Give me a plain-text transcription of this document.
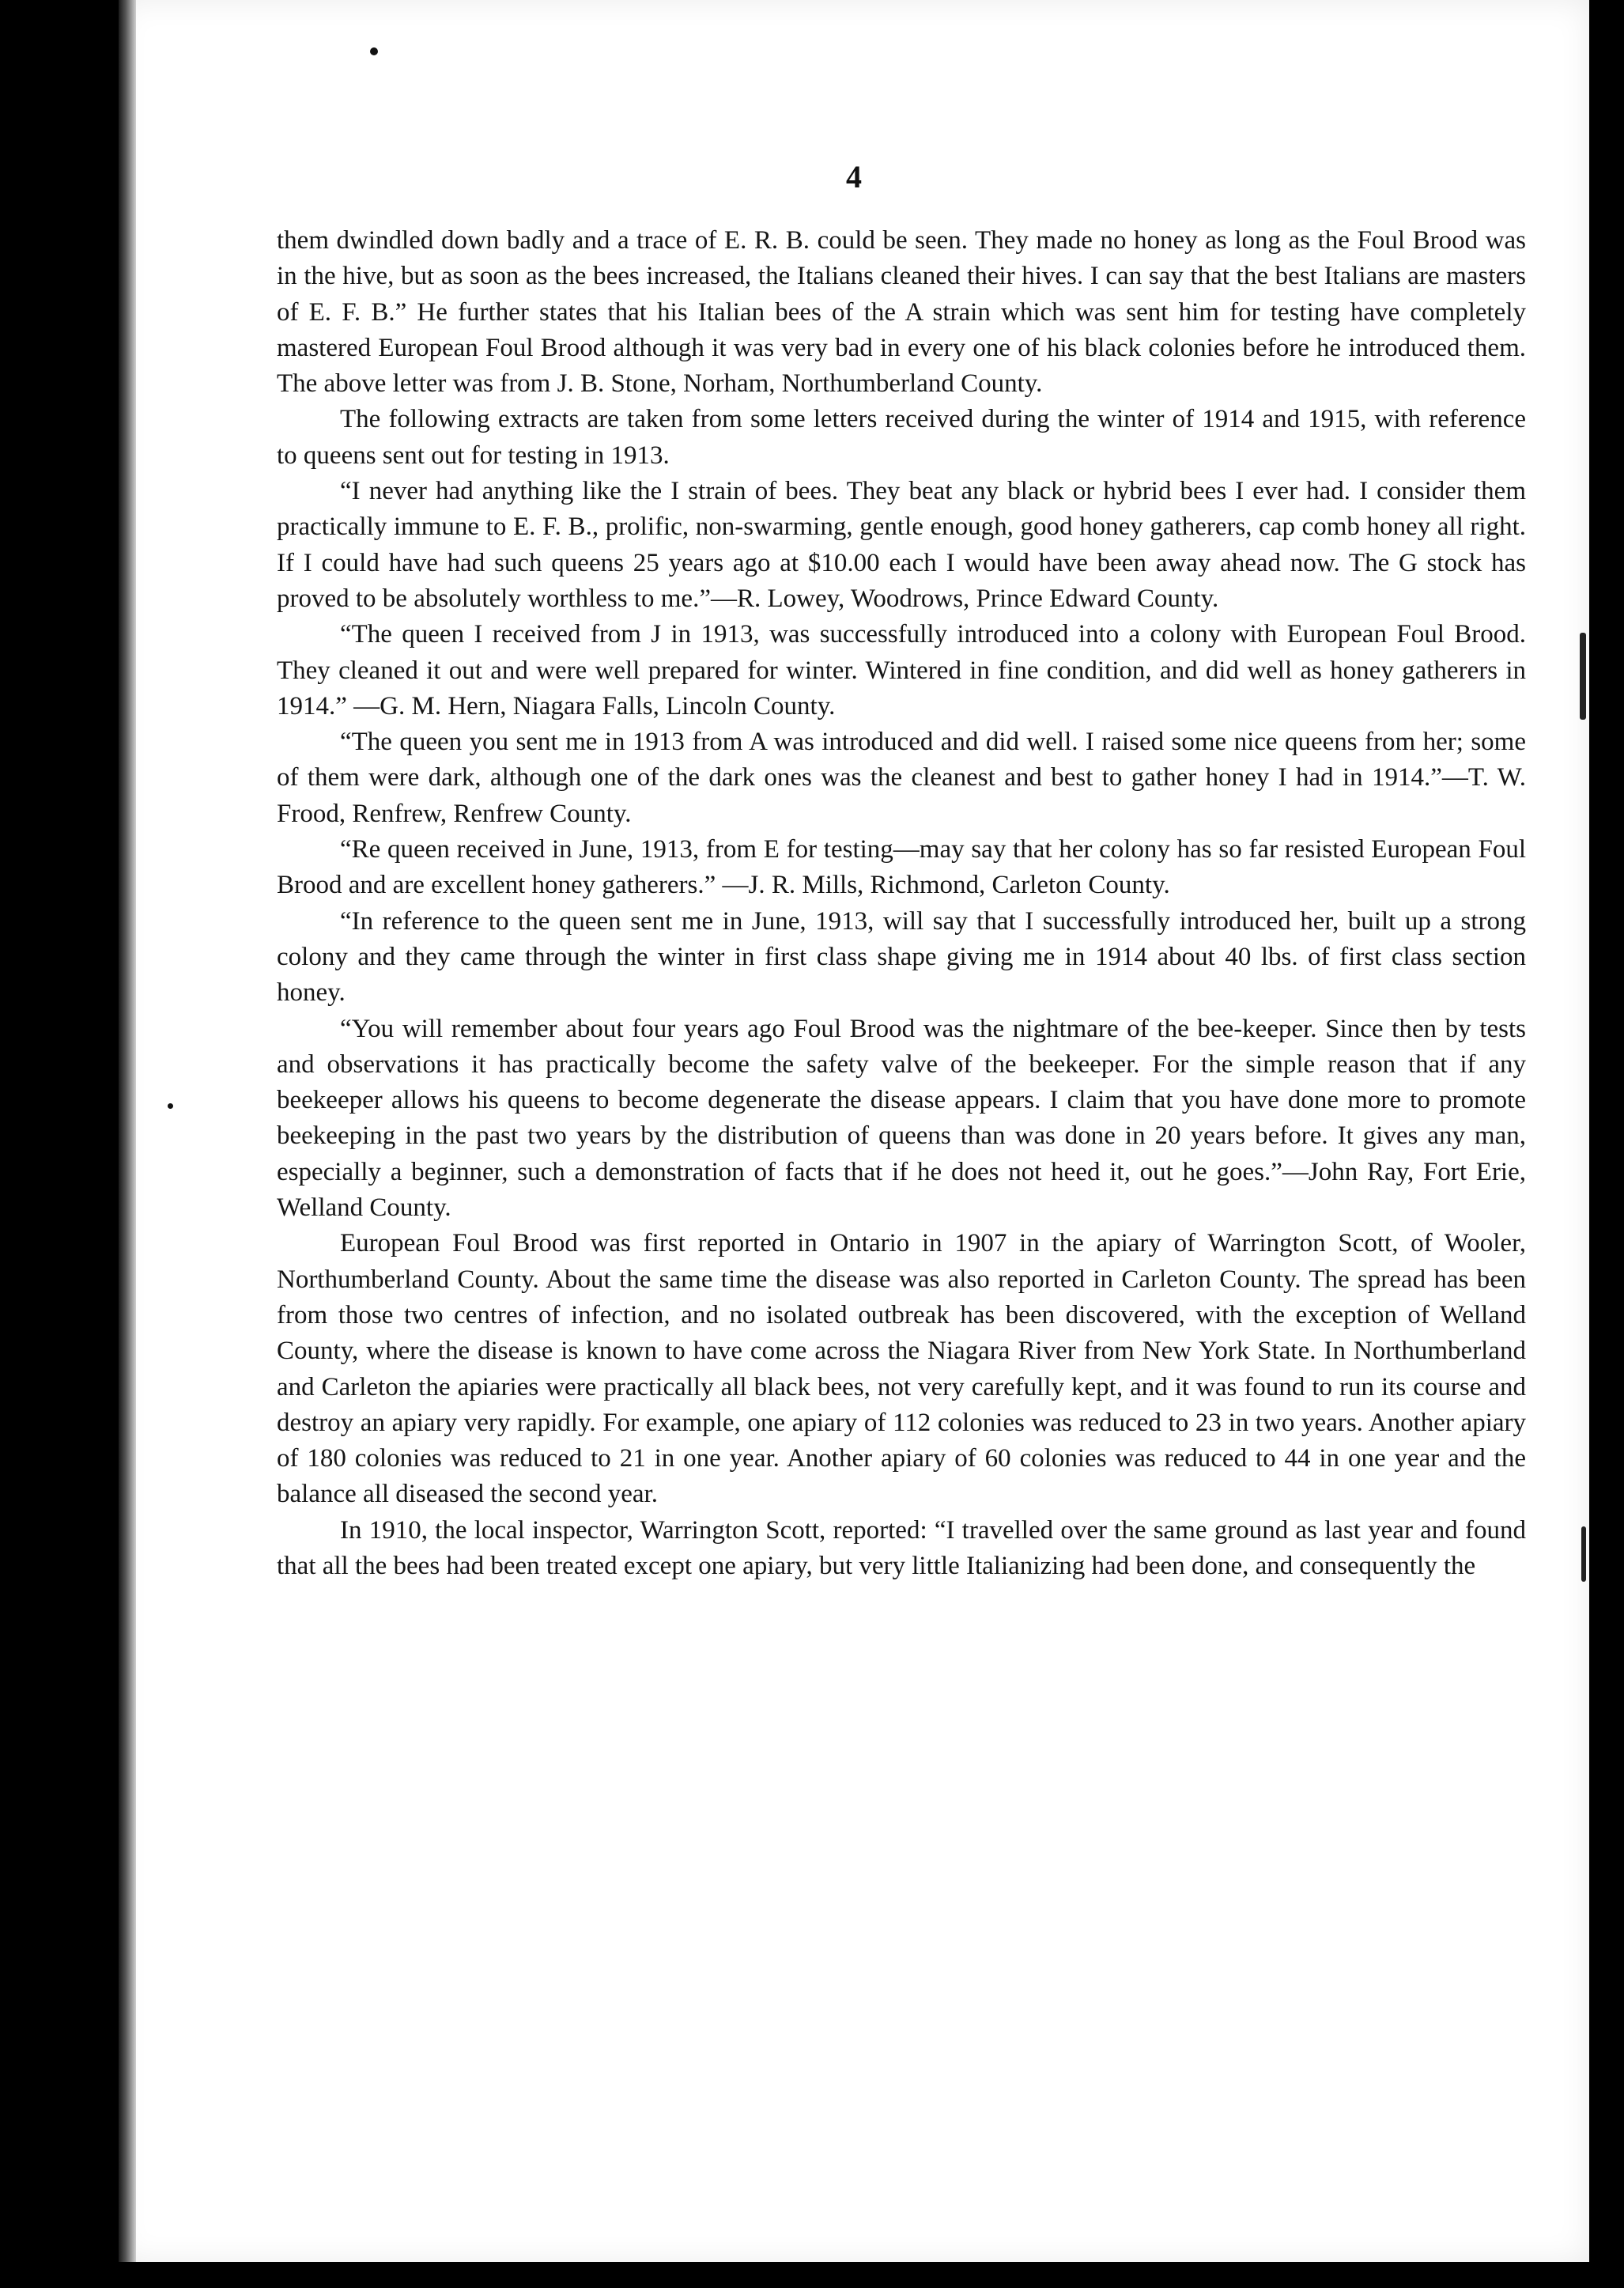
4

them dwindled down badly and a trace of E. R. B. could be seen. They made no honey as long as the Foul Brood was in the hive, but as soon as the bees increased, the Italians cleaned their hives. I can say that the best Italians are masters of E. F. B.” He further states that his Italian bees of the A strain which was sent him for testing have completely mastered European Foul Brood although it was very bad in every one of his black colonies before he introduced them. The above letter was from J. B. Stone, Norham, Northumberland County.

The following extracts are taken from some letters received during the winter of 1914 and 1915, with reference to queens sent out for testing in 1913.

“I never had anything like the I strain of bees. They beat any black or hybrid bees I ever had. I consider them practically immune to E. F. B., prolific, non-swarming, gentle enough, good honey gatherers, cap comb honey all right. If I could have had such queens 25 years ago at $10.00 each I would have been away ahead now. The G stock has proved to be absolutely worthless to me.”—R. Lowey, Woodrows, Prince Edward County.

“The queen I received from J in 1913, was successfully introduced into a colony with European Foul Brood. They cleaned it out and were well prepared for winter. Wintered in fine condition, and did well as honey gatherers in 1914.” —G. M. Hern, Niagara Falls, Lincoln County.

“The queen you sent me in 1913 from A was introduced and did well. I raised some nice queens from her; some of them were dark, although one of the dark ones was the cleanest and best to gather honey I had in 1914.”—T. W. Frood, Renfrew, Renfrew County.

“Re queen received in June, 1913, from E for testing—may say that her colony has so far resisted European Foul Brood and are excellent honey gatherers.” —J. R. Mills, Richmond, Carleton County.

“In reference to the queen sent me in June, 1913, will say that I successfully introduced her, built up a strong colony and they came through the winter in first class shape giving me in 1914 about 40 lbs. of first class section honey.

“You will remember about four years ago Foul Brood was the nightmare of the bee-keeper. Since then by tests and observations it has practically become the safety valve of the beekeeper. For the simple reason that if any beekeeper allows his queens to become degenerate the disease appears. I claim that you have done more to promote beekeeping in the past two years by the distribution of queens than was done in 20 years before. It gives any man, especially a beginner, such a demonstration of facts that if he does not heed it, out he goes.”—John Ray, Fort Erie, Welland County.

European Foul Brood was first reported in Ontario in 1907 in the apiary of Warrington Scott, of Wooler, Northumberland County. About the same time the disease was also reported in Carleton County. The spread has been from those two centres of infection, and no isolated outbreak has been discovered, with the exception of Welland County, where the disease is known to have come across the Niagara River from New York State. In Northumberland and Carleton the apiaries were practically all black bees, not very carefully kept, and it was found to run its course and destroy an apiary very rapidly. For example, one apiary of 112 colonies was reduced to 23 in two years. Another apiary of 180 colonies was reduced to 21 in one year. Another apiary of 60 colonies was reduced to 44 in one year and the balance all diseased the second year.

In 1910, the local inspector, Warrington Scott, reported: “I travelled over the same ground as last year and found that all the bees had been treated except one apiary, but very little Italianizing had been done, and consequently the
